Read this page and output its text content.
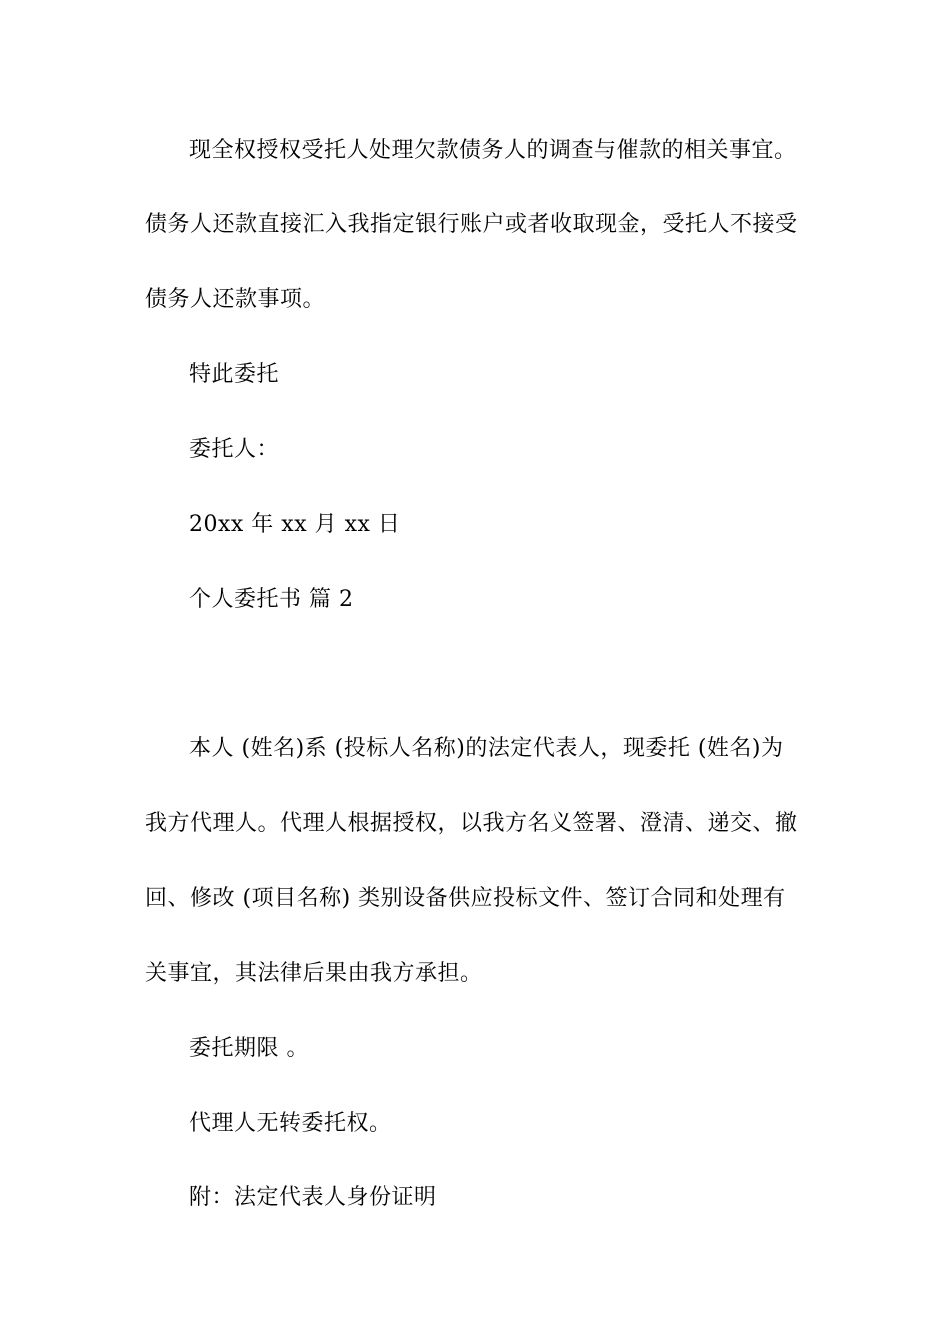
现全权授权受托人处理欠款债务人的调查与催款的相关事宜。
债务人还款直接汇入我指定银行账户或者收取现金，受托人不接受
债务人还款事项。
特此委托
委托人：
20xx 年 xx 月 xx 日
个人委托书 篇 2
本人 (姓名)系 (投标人名称)的法定代表人，现委托 (姓名)为
我方代理人。代理人根据授权，以我方名义签署、澄清、递交、撤
回、修改 (项目名称) 类别设备供应投标文件、签订合同和处理有
关事宜，其法律后果由我方承担。
委托期限 。
代理人无转委托权。
附：法定代表人身份证明
